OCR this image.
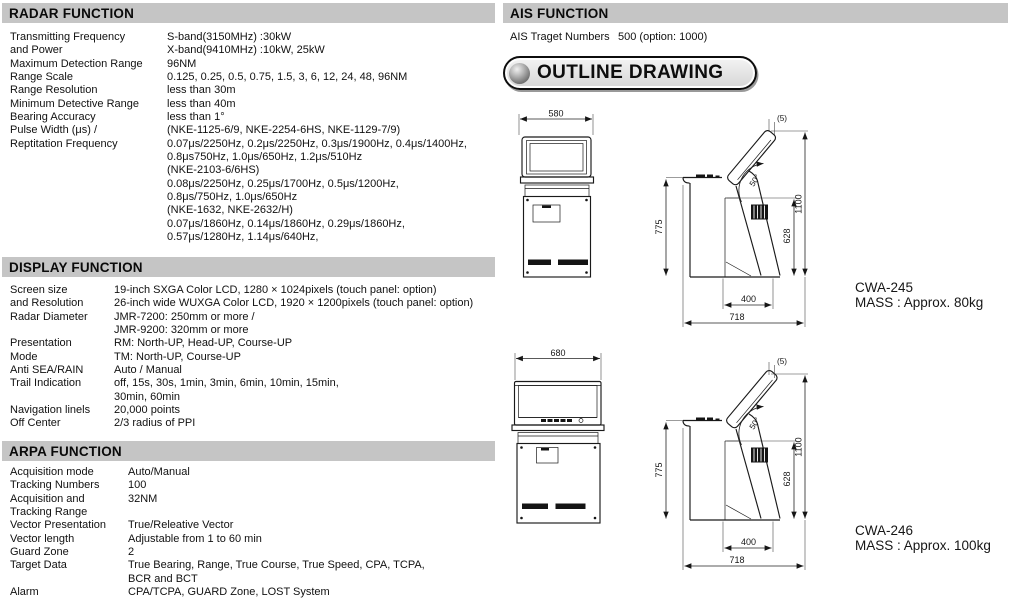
RADAR FUNCTION
Transmitting Frequency	S-band(3150MHz) :30kW
and Power	X-band(9410MHz) :10kW, 25kW
Maximum Detection Range	96NM
Range Scale	0.125, 0.25, 0.5, 0.75, 1.5, 3, 6, 12, 24, 48, 96NM
Range Resolution	less than 30m
Minimum Detective Range	less than 40m
Bearing Accuracy	less than 1°
Pulse Width (μs) /	(NKE-1125-6/9, NKE-2254-6HS, NKE-1129-7/9)
Reptitation Frequency	0.07μs/2250Hz, 0.2μs/2250Hz, 0.3μs/1900Hz, 0.4μs/1400Hz,
0.8μs750Hz, 1.0μs/650Hz, 1.2μs/510Hz
(NKE-2103-6/6HS)
0.08μs/2250Hz, 0.25μs/1700Hz, 0.5μs/1200Hz,
0.8μs/750Hz, 1.0μs/650Hz
(NKE-1632, NKE-2632/H)
0.07μs/1860Hz, 0.14μs/1860Hz, 0.29μs/1860Hz,
0.57μs/1280Hz, 1.14μs/640Hz,
DISPLAY FUNCTION
Screen size	19-inch SXGA Color LCD, 1280 × 1024pixels (touch panel: option)
and Resolution	26-inch wide WUXGA Color LCD, 1920 × 1200pixels (touch panel: option)
Radar Diameter	JMR-7200: 250mm or more /
JMR-9200: 320mm or more
Presentation	RM: North-UP, Head-UP, Course-UP
Mode	TM: North-UP, Course-UP
Anti SEA/RAIN	Auto / Manual
Trail Indication	off, 15s, 30s, 1min, 3min, 6min, 10min, 15min,
30min, 60min
Navigation linels	20,000 points
Off Center	2/3 radius of PPI
ARPA FUNCTION
Acquisition mode	Auto/Manual
Tracking Numbers	100
Acquisition and	32NM
Tracking Range
Vector Presentation	True/Releative Vector
Vector length	Adjustable from 1 to 60 min
Guard Zone	2
Target Data	True Bearing, Range, True Course, True Speed, CPA, TCPA,
BCR and BCT
Alarm	CPA/TCPA, GUARD Zone, LOST System
AIS FUNCTION
AIS Traget Numbers 500 (option: 1000)
OUTLINE DRAWING
580	(5)
50°
775
1100
628
400
718
CWA-245
MASS : Approx. 80kg
680
(5)
50°
775
1100
628
400
718
CWA-246
MASS : Approx. 100kg
